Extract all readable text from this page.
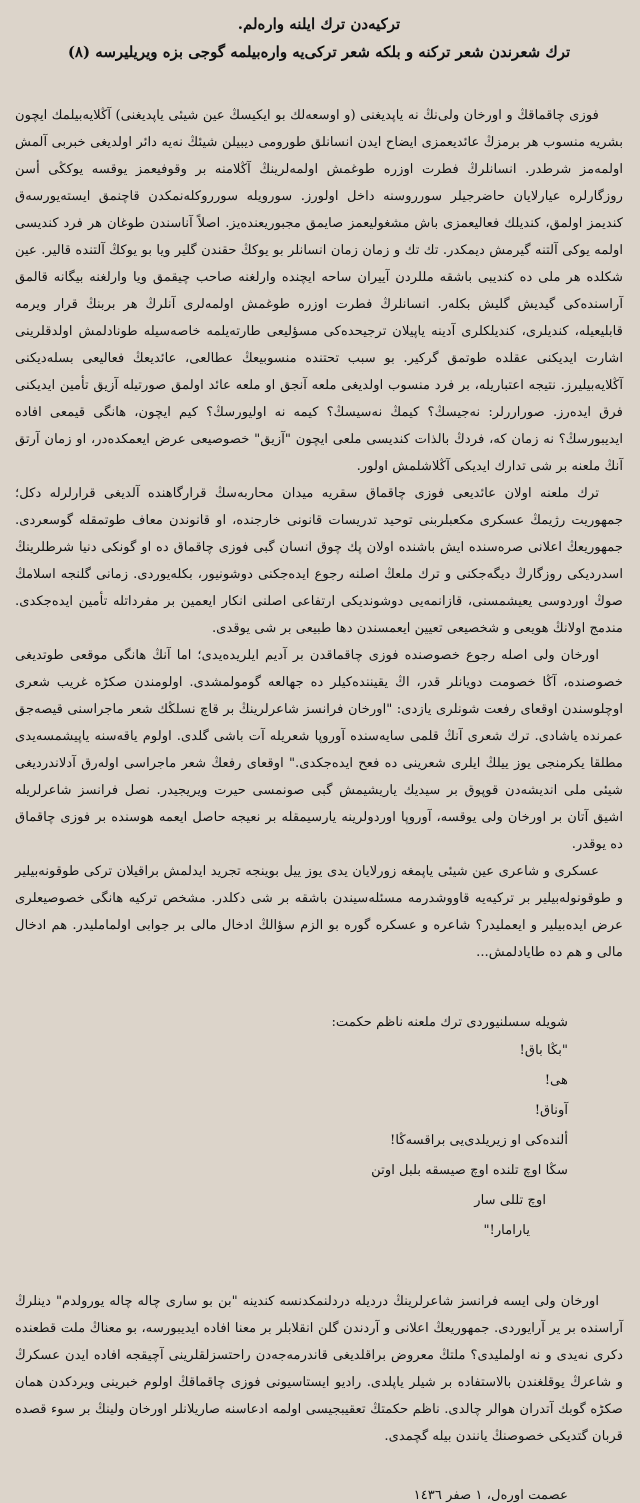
ترکیه‌دن ترك ایلنه واره‌لم.
ترك شعرندن شعر ترکنه و بلکه شعر ترکی‌یه واره‌بیلمه گوجی بزه ویریلیرسه (٨)

فوزی چاقماقڭ و اورخان ولی‌نڭ نه یاپدیغنی (و اوسعه‌لك بو ایکیسڭ عین شیئی یاپدیغنی) آڭلایه‌بیلمك ایچون بشریه منسوب هر برمزڭ عائدیعمزی ایضاح ایدن انسانلق طورومی دیبیلن شیئڭ نه‌یه دائر اولدیغی خبربی آلمش اولمه‌مز شرطدر. انسانلرڭ فطرت اوزره طوغمش اولمه‌لرینڭ آڭلامنه بر وقوفیعمز یوقسه یوکڭی أسن روزگارلره عیارلایان حاضرجیلر سورروسنه داخل اولورز. سورویله سورروکله‌نمکدن قاچنمق ایسته‌یورسه‌ق کندیمز اولمق، کندیلك فعالیعمزی باش مشغولیعمز صایمق مجبوریعنده‌یز. اصلاً آناسندن طوغان هر فرد کندیسی اولمه یوکی آلتنه گیرمش دیمکدر. تك تك و زمان زمان انسانلر بو یوکڭ حقندن گلیر ویا بو یوکڭ آلتنده قالیر. عین شکلده هر ملی ده کندیبی باشقه مللردن آییران ساحه ایچنده وارلغنه صاحب چیقمق ویا وارلغنه بیگانه قالمق آراسنده‌کی گیدیش گلیش بکلەر. انسانلرڭ فطرت اوزره طوغمش اولمه‌لری آنلرڭ هر بربنڭ قرار ویرمه قابلیعیله، کندیلری، کندیلکلری آدینه یاپیلان ترجیحده‌کی مسؤلیعی طارته‌یلمه خاصه‌سیله طونادلمش اولدقلرینی اشارت ایدیکنی عقلده طوتمق گرکیر. بو سبب تحتنده منسوبیعڭ عطالعی، عائدیعڭ فعالیعی بسله‌دیکنی آڭلایه‌بیلیرز. نتیجه اعتباریله، بر فرد منسوب اولدیغی ملعه آنجق او ملعه عائد اولمق صورتیله آزیق تأمین ایدیکنی فرق ایده‌رز. صوراررلر: نه‌جیسڭ؟ کیمڭ نه‌سیسڭ؟ کیمه نه اولیورسڭ؟ کیم ایچون، هانگی قیمعی افاده ایدیبورسڭ؟ نه زمان که، فردڭ بالذات کندیسی ملعی ایچون "آزیق" خصوصیعی عرض ایعمکده‌در، او زمان آرتق آنڭ ملعنه بر شی تدارك ایدیکی آڭلاشلمش اولور.

ترك ملعنه اولان عائدیعی فوزی چاقماق سقریه میدان محاربه‌سڭ قرارگاهنده آلدیغی قرارلرله دکل؛ جمهوریت رژیمڭ عسکری مکعبلربنی توحید تدریسات قانونی خارجنده، او قانوندن معاف طوتمقله گوسعردی. جمهوریعڭ اعلانی صره‌سنده ایش باشنده اولان پك چوق انسان گبی فوزی چاقماق ده او گونکی دنیا شرطلرینڭ اسدردیکی روزگارڭ دیگه‌جکنی و ترك ملعڭ اصلنه رجوع ایده‌جکنی دوشونیور، بکله‌یوردی. زمانی گلنجه اسلامڭ صوڭ اوردوسی یعیشمسنی، قازانمه‌یی دوشوندیکی ارتفاعی اصلنی انکار ایعمین بر مفرداتله تأمین ایده‌جکدی. مندمج اولانڭ هویعی و شخصیعی تعیین ایعمسندن دها طبیعی بر شی یوقدی.

اورخان ولی اصله رجوع خصوصنده فوزی چاقماقدن بر آدیم ایلریده‌یدی؛ اما آنڭ هانگی موقعی طوتدیغی خصوصنده، آڭا خصومت دویانلر قدر، اڭ یقیننده‌کیلر ده جهالعه گومولمشدی. اولومندن صکڑه غریب شعری اوچلوسندن اوقعای رفعت شونلری یازدی: "اورخان فرانسز شاعرلرینڭ بر قاچ نسلڭك شعر ماجراسنی قیصه‌جق عمرنده یاشادی. ترك شعری آنڭ قلمی سایه‌سنده آوروپا شعریله آت باشی گلدی. اولوم یاقه‌سنه یاپیشمسه‌یدی مطلقا یکرمنجی یوز ییلڭ ایلری شعرینی ده فعح ایده‌جکدی." اوقعای رفعڭ شعر ماجراسی اوله‌رق آدلاندردیغی شیئی ملی اندیشه‌دن قوپوق بر سیدیك یاریشیمش گبی صونمسی حیرت ویریجیدر. نصل فرانسز شاعرلریله اشیق آتان بر اورخان ولی یوقسه، آوروپا اوردولرینه یارسیمقله بر نعیجه حاصل ایعمه هوسنده بر فوزی چاقماق ده یوقدر.

عسکری و شاعری عین شیئی یاپمغه زورلایان یدی یوز ییل بوینجه تجرید ایدلمش براقیلان ترکی طوقونه‌بیلیر و طوقونوله‌بیلیر بر ترکیه‌یه قاووشدرمه مسئله‌سیندن باشقه بر شی دکلدر. مشخص ترکیه هانگی خصوصیعلری عرض ایده‌بیلیر و ایعملیدر؟ شاعره و عسکره گوره بو الزم سؤالڭ ادخال مالی بر جوابی اولماملیدر. هم ادخال مالی و هم ده طایادلمش...

شویله سسلنیوردی ترك ملعنه ناظم حکمت:
"بڭا باق!
هی!
آوناق!
ألنده‌کی او زیریلدی‌یی براقسه‌ڭا!
سڭا اوچ تلنده اوچ صیسقه بلبل اوتن
اوچ تللی سار
یارامار!"

اورخان ولی ایسه فرانسز شاعرلرینڭ دردیله دردلنمکدنسه کندینه "بن بو ساری چاله چاله یورولدم" دینلرڭ آراسنده بر یر آرایوردی. جمهوریعڭ اعلانی و آردندن گلن انقلابلر بر معنا افاده ایدیبورسه، بو معناڭ ملت قطعنده دکری نه‌یدی و نه اولملیدی؟ ملتڭ معروض براقلدیغی قاندرمه‌جه‌دن راحتسزلقلرینی آچیقجه افاده ایدن عسکرڭ و شاعرڭ یوقلغندن بالاستفاده بر شیلر یاپلدی. رادیو ایستاسیونی فوزی چاقماقڭ اولوم خبرینی ویردکدن همان صکڑه گوبك آتدران هوالر چالدی. ناظم حکمتڭ تعقیبجیسی اولمه ادعاسنه صاریلانلر اورخان ولینڭ بر سوء قصده قربان گتدیکی خصوصنڭ یانندن بیله گچمدی.

عصمت اوره‌ل، ١ صفر ١٤٣٦
